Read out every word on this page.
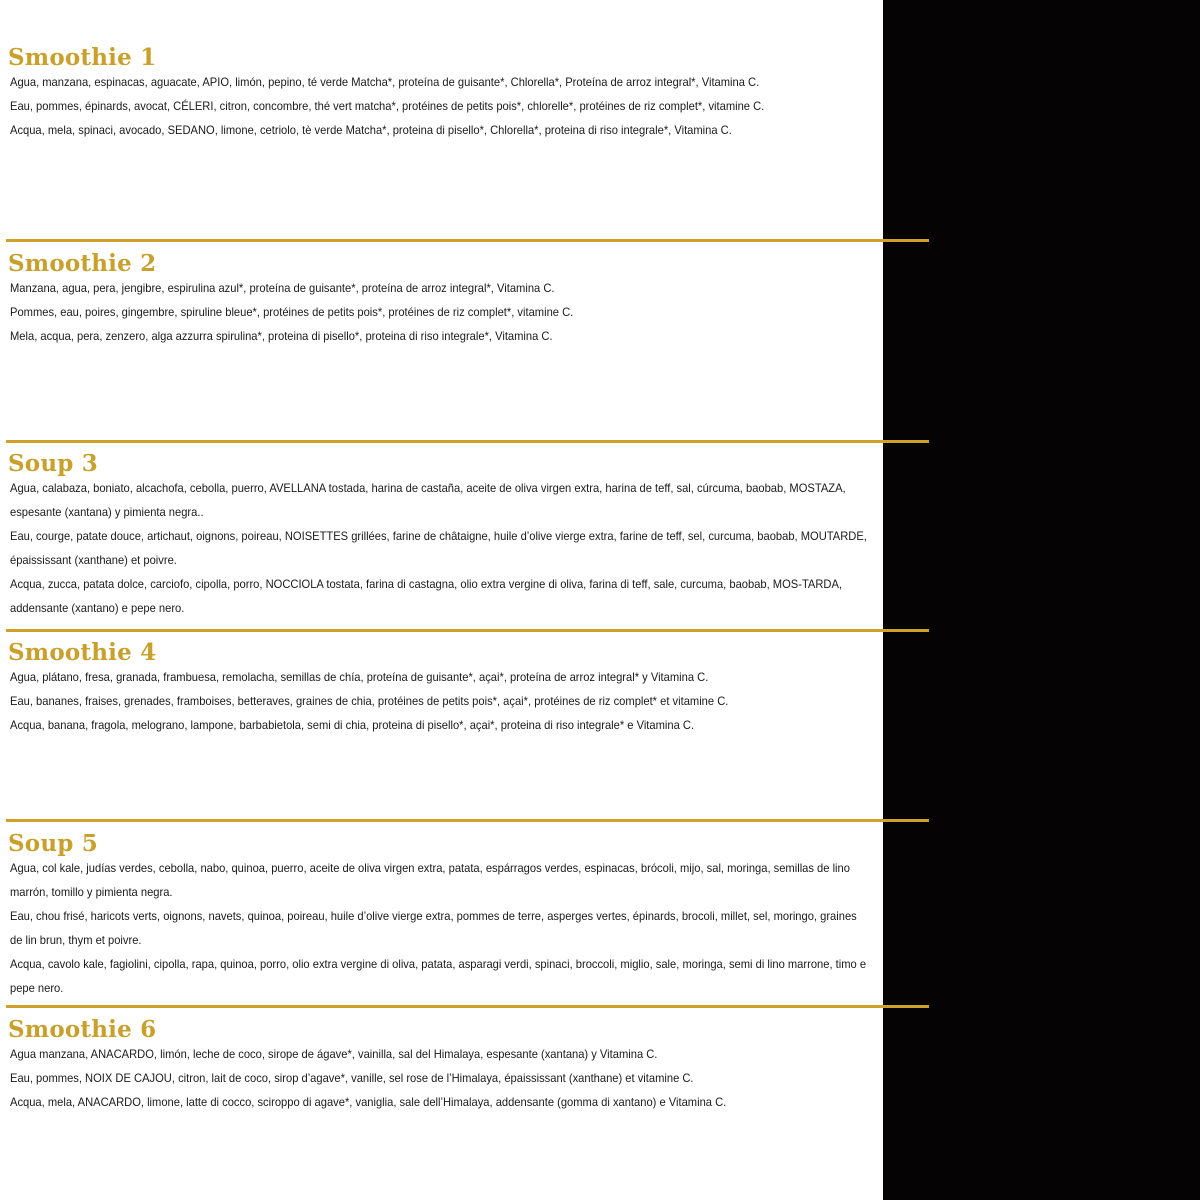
Smoothie 1
Agua, manzana, espinacas, aguacate, APIO, limón, pepino, té verde Matcha*, proteína de guisante*, Chlorella*, Proteína de arroz integral*, Vitamina C.
Eau, pommes, épinards, avocat, CÉLERI, citron, concombre, thé vert matcha*, protéines de petits pois*, chlorelle*, protéines de riz complet*, vitamine C.
Acqua, mela, spinaci, avocado, SEDANO, limone, cetriolo, tè verde Matcha*, proteina di pisello*, Chlorella*, proteina di riso integrale*, Vitamina C.
Smoothie 2
Manzana, agua, pera, jengibre, espirulina azul*, proteína de guisante*, proteína de arroz integral*, Vitamina C.
Pommes, eau, poires, gingembre, spiruline bleue*, protéines de petits pois*, protéines de riz complet*, vitamine C.
Mela, acqua, pera, zenzero, alga azzurra spirulina*, proteina di pisello*, proteina di riso integrale*, Vitamina C.
Soup 3
Agua, calabaza, boniato, alcachofa, cebolla, puerro, AVELLANA tostada, harina de castaña, aceite de oliva virgen extra, harina de teff, sal, cúrcuma, baobab, MOSTAZA, espesante (xantana) y pimienta negra..
Eau, courge, patate douce, artichaut, oignons, poireau, NOISETTES grillées, farine de châtaigne, huile d’olive vierge extra, farine de teff, sel, curcuma, baobab, MOUTARDE, épaississant (xanthane) et poivre.
Acqua, zucca, patata dolce, carciofo, cipolla, porro, NOCCIOLA tostata, farina di castagna, olio extra vergine di oliva, farina di teff, sale, curcuma, baobab, MOS-TARDA, addensante (xantano) e pepe nero.
Smoothie 4
Agua, plátano, fresa, granada, frambuesa, remolacha, semillas de chía, proteína de guisante*, açai*, proteína de arroz integral* y Vitamina C.
Eau, bananes, fraises, grenades, framboises, betteraves, graines de chia, protéines de petits pois*, açai*, protéines de riz complet* et vitamine C.
Acqua, banana, fragola, melograno, lampone, barbabietola, semi di chia, proteina di pisello*, açai*, proteina di riso integrale* e Vitamina C.
Soup 5
Agua, col kale, judías verdes, cebolla, nabo, quinoa, puerro, aceite de oliva virgen extra, patata, espárragos verdes, espinacas, brócoli, mijo, sal, moringa, semillas de lino marrón, tomillo y pimienta negra.
Eau, chou frisé, haricots verts, oignons, navets, quinoa, poireau, huile d’olive vierge extra, pommes de terre, asperges vertes, épinards, brocoli, millet, sel, moringo, graines de lin brun, thym et poivre.
Acqua, cavolo kale, fagiolini, cipolla, rapa, quinoa, porro, olio extra vergine di oliva, patata, asparagi verdi, spinaci, broccoli, miglio, sale, moringa, semi di lino marrone, timo e pepe nero.
Smoothie 6
Agua manzana, ANACARDO, limón, leche de coco, sirope de ágave*, vainilla, sal del Himalaya, espesante (xantana) y Vitamina C.
Eau, pommes, NOIX DE CAJOU, citron, lait de coco, sirop d’agave*, vanille, sel rose de l’Himalaya, épaississant (xanthane) et vitamine C.
Acqua, mela, ANACARDO, limone, latte di cocco, sciroppo di agave*, vaniglia, sale dell’Himalaya, addensante (gomma di xantano) e Vitamina C.
